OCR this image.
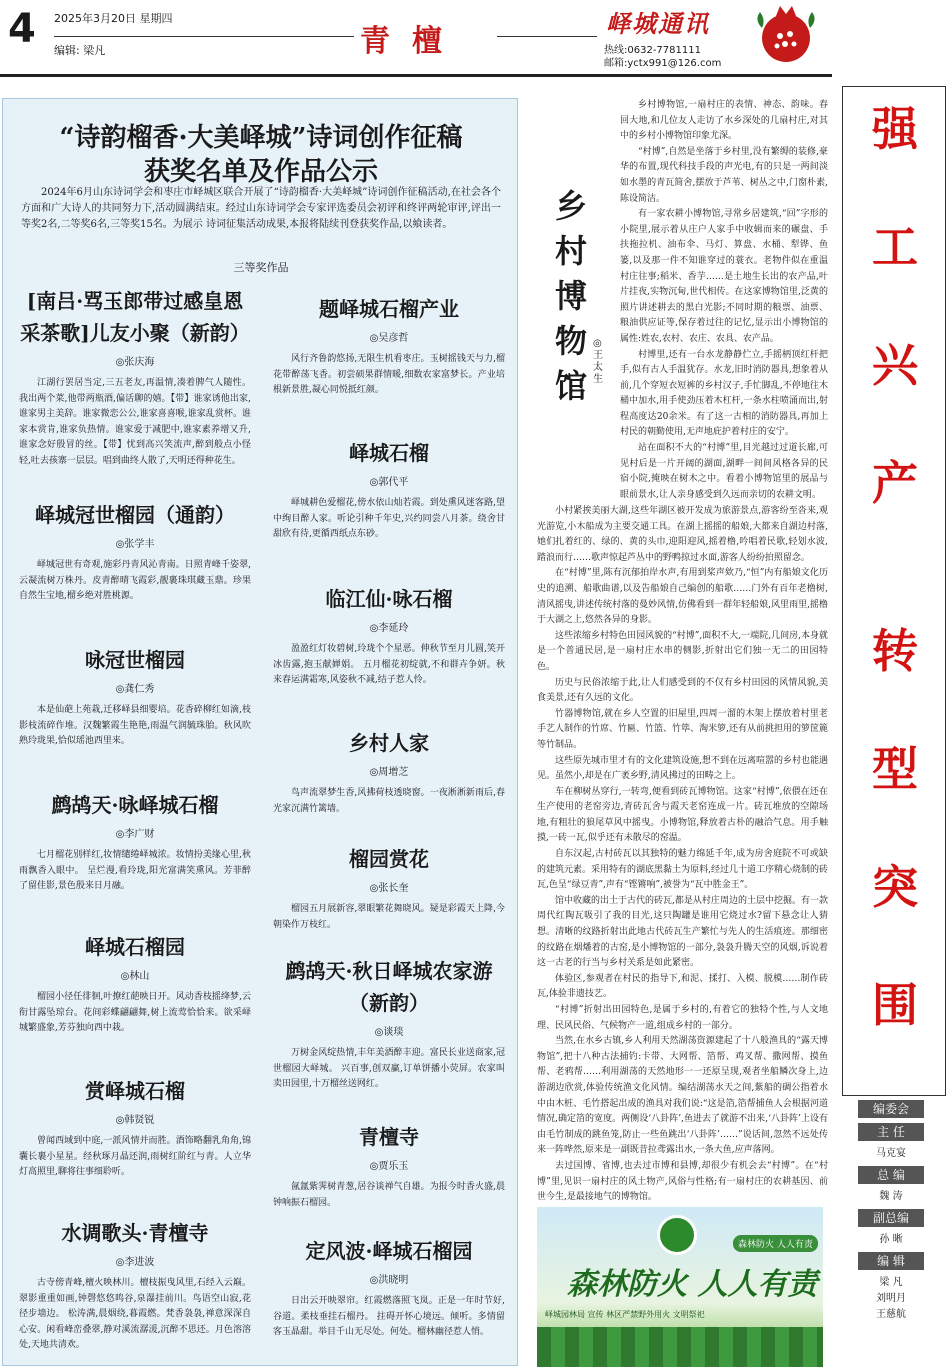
4 2025年3月20日 星期四
编辑: 梁凡	青檀
峄城通讯
热线:0632-7781111
邮箱:yctx991@126.com
“诗韵榴香·大美峄城”诗词创作征稿
获奖名单及作品公示
2024年6月山东诗词学会和枣庄市峄城区联合开展了“诗韵榴香·大美峄城”诗词创作征稿活动,在社会各个方面和广大诗人的共同努力下,活动圆满结束。经过山东诗词学会专家评选委员会初评和终评两轮审评,评出一等奖2名,二等奖6名,三等奖15名。为展示 诗词征集活动成果,本报将陆续刊登获奖作品,以飨读者。
三等奖作品
[南吕·骂玉郎带过感皇恩采茶歌]儿友小聚（新韵）
◎张庆海
江湖行罢居当定,三五老友,再温情,凑着脾气人随性。我出两个菜,他带两瓶酒,偏话聊的嬉。【带】谁家诱他出家,谁家男主美辞。谁家微恋公公,谁家喜喜喉,谁家乱赏杯。谁家本赏肯,谁家负热情。谁家爱于减肥中,谁家素养增又升,谁家念好殷冒的丝。【带】忧到高兴笑流声,醉到般点小怪轻,吐去孩寨一层层。唱到曲终人散了,天明还得种花生。
峄城冠世榴园（通韵）
◎张学丰
峄城冠世有奇观,施彩丹青风沁青南。日照青峰千姿翠,云凝流树万株丹。皮青醉晴飞霞彩,靓裹珠琪藏玉鼎。珍果自然生宝地,榴乡绝对胜桃源。
咏冠世榴园
◎龚仁秀
本是仙葩上苑栽,迁移峄县细婴培。花香碎柳红如滴,枝影枝流碎作堆。汉魏繁霞生艳艳,雨温气润毓珠胎。秋风吹熟玲珑果,恰似瑶池西里来。
鹧鸪天·咏峄城石榴
◎李广财
七月榴花别样红,妆情缱绻峄城浓。妆情扮美缘心里,秋雨飘香入眼中。 呈烂漫,看玲珑,阳光富满笑熏风。芳菲醉了留佳影,景色殷来日月融。
峄城石榴园
◎林山
榴园小径任徘徊,叶撩红葩映日开。风动香枝摇绛梦,云衔甘露坠琼台。花间彩蝶翩翩舞,树上流莺恰恰来。欲采峄城繁盛象,芳芬独向西中栽。
赏峄城石榴
◎韩贤锐
曾闻西域到中庭,一派风情并而胜。酒饰略翻乳角角,锦囊长裹小星星。经秋琢月晶还润,雨树红阶红与青。人立华灯高照里,聊将往事细聆听。
水调歌头·青檀寺
◎李进波
古寺傍青峰,檀火映林川。檀枝振曳风里,石经入云巅。翠影重重如画,钟磬悠悠鸣谷,泉瀑挂前川。鸟语空山寂,花径步墙边。 松涛满,晨烟绕,暮霞燃。梵香袅袅,禅意深深自心安。闲看峰峦叠翠,静对溪流潺湲,沉醉不思还。月色溶溶处,天地共清欢。
题峄城石榴产业
◎吴彦哲
风行齐鲁韵悠扬,无限生机看枣庄。玉树摇钱天与力,榴花带醉荡飞香。初尝硕果群情暖,细数农家富梦长。产业培根新景胜,凝心同悦抵红颜。
峄城石榴
◎郭代平
峄城耕色爱榴花,傍水依山灿若霞。到处熏风迷客路,望中绚目醉人家。听论引种千年史,兴约同尝八月茶。绕舍甘甜欣有待,更循西纸点东砂。
临江仙·咏石榴
◎李延玲
盈盈红灯妆碧树,玲珑个个星恶。伸秋节至月儿圆,笑开冰齿露,抱玉献婵娟。 五月榴花初绽就,不和群卉争妍。秋来春运满霜寒,风姿秋不减,结子惹人怜。
乡村人家
◎周增芝
鸟声流翠梦生香,风拂荷枝透晓窗。一夜淅淅新雨后,春光家沉满竹篱墙。
榴园赏花
◎张长奎
榴园五月展新容,翠眼繁花舞晓风。疑是彩霞天上降,今朝染作万枝红。
鹧鸪天·秋日峄城农家游（新韵）
◎谈琰
万树金风绽热情,丰年美酒醉丰迎。富民长业送商家,冠世榴园大峄城。 兴百事,创双赢,订单饼播小荧屏。农家叫卖田园里,十万榴丝送网红。
青檀寺
◎贾乐玉
氤氲紫霁树青葱,居谷谈禅气自雄。为报今时香火盛,晨钟响振石榴园。
定风波·峄城石榴园
◎洪晓明
日出云开映翠帘。红霞燃落照飞岚。正是一年时节好,谷道。柔枝垂挂石榴丹。 拄碍开怀心境远。倾听。多情留客玉晶甜。举目千山无尽处。何处。榴林幽径惹人悄。
乡村博物馆
◎王太生

乡村博物馆,一扇村庄的表情、神态、韵味。春回大地,和几位友人走访了水乡深处的几扇村庄,对其中的乡村小博物馆印象尤深。

“村博”,自然是坐落于乡村里,没有繁缛的装修,豪华的布置,现代科技手段的声光电,有的只是一两间淡如水墨的青瓦简舍,摆放于芦苇、树丛之中,门窗朴素,陈设简洁。

有一家农耕小博物馆,寻常乡居建筑,“回”字形的小院里,展示着从庄户人家手中收辑而来的碾盘、手扶拖拉机、油布伞、马灯、算盘、水桶、犁铧、鱼篓,以及那一件不知谁穿过的蓑衣。老物件似在重温村庄往事;稻米、香芋……是土地生长出的农产品,叶片挂夜,实物沉甸,世代相传。在这家博物馆里,泛黄的照片讲述耕去的黑白光影;不同时期的粮票、油票、粮油供应证等,保存着过往的记忆,显示出小博物馆的属性:姓农,农村、农庄、农具、农产品。

村博里,还有一台水龙静静伫立,手摇柄顶红杆把手,似有古人手温犹存。水龙,旧时消防器具,想象着从前,几个穿短衣短裤的乡村汉子,手忙脚乱,不停地往木桶中加水,用手使劲压着木杠杆,一条水柱喷涌而出,射程高度达20余米。有了这一古相的消防器具,再加上村民的朝勤使用,无声地庇护着村庄的安宁。

站在面积不大的“村博”里,目光越过过道长廊,可见村后是一片开阔的湖面,湖畔一间间风格各异的民宿小院,掩映在树木之中。看着小博物馆里的展品与眼前景水,让人亲身感受到久远而亲切的农耕文明。

小村紧挨美丽大湖,这些年湖区被开发成为旅游景点,游客纷至沓来,观光游览,小木船成为主要交通工具。在湖上摇摇的船娘,大都来自湖边村落,她们扎着红的、绿的、黄的头巾,迎阳迎风,摇着橹,吟唱着民歌,轻划水波,踏浪而行……歌声惊起芦丛中的野鸭掠过水面,游客人纷纷拍照留念。

在“村博”里,陈有沉郁拍岸水声,有用到桨声欸乃,“恒”内有船娘文化历史的追溯、船歌曲谱,以及告船娘自己编创的船歌……门外有百年老橹树,清风摇曳,讲述传统村落的曼妙风情,仿佛看到一群年轻船娘,风里雨里,摇橹于大湖之上,悠然各异的身影。

这些浓缩乡村特色田园风貌的“村博”,面积不大,一端院,几间房,本身就是一个普通民居,是一扇村庄水串的侧影,折射出它们独一无二的田园特色。

历史与民俗浓缩于此,让人们感受到的不仅有乡村田园的风情风貌,美食美景,还有久远的文化。

竹器博物馆,就在乡人空置的旧屋里,四周一溜的木架上摆放着村里老手艺人制作的竹席、竹匾、竹篮、竹筚、淘米箩,还有从前挑担用的箩筐簏等竹制品。

这些原先城市里才有的文化建筑设施,想不到在远离喧嚣的乡村也能遇见。虽然小,却是在广袤乡野,清风拂过的田畴之上。

车在柳树丛穿行,一转弯,便看到砖瓦博物馆。这家“村博”,依偎在还在生产使用的老窑旁边,青砖瓦舍与霞天老窑连成一片。砖瓦堆放的空隙场地,有粗壮的狼尾草风中摇曳。小博物馆,释放着古朴的融洽气息。用手触摸,一砖一瓦,似乎还有未散尽的窑温。

自东汉起,古村砖瓦以其独特的魅力绵延千年,成为房舍庭院不可或缺的建筑元素。采用特有的湖底黑黏土为原料,经过几十道工序精心烧制的砖瓦,色呈“绿豆青”,声有“铿锵响”,被誉为“瓦中胜金王”。

馆中收藏的出土于古代的砖瓦,都是从村庄周边的土层中挖掘。有一款周代红陶瓦吸引了我的目光,这只陶罐是谁用它烧过水?留下悬念让人猜想。清晰的纹路折射出此地古代砖瓦生产繁忙与先人的生活痕迹。那细密的纹路在烟燔着的古窑,是小博物馆的一部分,袅袅升腾天空的风烟,诉说着这一古老的行当与乡村关系是如此紧密。

体验区,参观者在村民的指导下,和泥、揉打、入模、脱模……制作砖瓦,体验非遗技艺。

“村博”折射出田园特色,是属于乡村的,有着它的独特个性,与人文地理、民风民俗、气候物产一道,组成乡村的一部分。

当然,在水乡古镇,乡人利用天然湖荡资源建起了十八般渔具的“露天博物馆”,把十八种古法捕钓:卡带、大网帮、箔帮、鸡叉帮、撒网帮、摸鱼帮、老鸦帮……利用湖荡的天然地形一一还原呈现,观者坐船鳞次身上,边游湖边欣赏,体验传统渔文化风情。编结湖荡水天之间,紫船的碉公指着水中由木桩、毛竹搭起出成的渔具对我们说:“这是箔,箔帮捕鱼人会根据河道情况,确定箔的宽度。两侧设‘八卦阵’,鱼进去了就游不出来,‘八卦阵’上设有由毛竹制成的跳鱼笼,防止一些鱼跳出‘八卦阵’……”说话间,忽然不远处传来一阵哗然,原来是一副既昔拉鸢露出水,一条大鱼,应声落网。

去过国博、省博,也去过市博和县博,却很少有机会去“村博”。在“村博”里,见识一扇村庄的风土物产,风俗与性格;有一扇村庄的农耕基因、前世今生,是最接地气的博物馆。

森林防火 人人有责
森林防火 人人有责
峄城园林局 宣传 林区严禁野外用火 文明祭祀
强
工
兴
产
转
型
突
围
编委会
主 任
马克宴
总 编
魏 涛
副总编
孙 晰
编 辑
梁 凡
刘明月
王慈航
